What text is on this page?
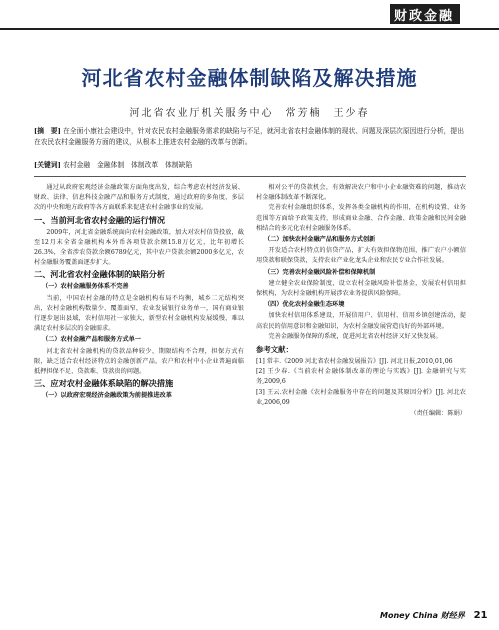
财政金融
河北省农村金融体制缺陷及解决措施
河北省农业厅机关服务中心　常芳楠　王少春
[摘　要] 在全面小康社会建设中，针对农民农村金融服务需求的缺陷与不足，就河北省农村金融体制的现状、问题及深层次原因进行分析，提出在农民农村金融服务方面的建议，从根本上推进农村金融的改革与创新。
[关键词] 农村金融　金融体制　体制改革　体制缺陷

通过从政府宏观经济金融政策方面角度出发，综合考虑农村经济发展、财政、法律、信息科技金融产品和服务方式制度，通过政府的多角度，多层次的中央和地方政府等各方面联系来促进农村金融事业的发展。

一、当前河北省农村金融的运行情况

2009年，河北省金融系统面向农村金融政策，加大对农村信贷投放，截至12月末全省金融机构本外币各项贷款余额15.8万亿元，比年初增长26.3%，全省涉农贷款余额6789亿元，其中农户贷款余额2000多亿元，农村金融服务覆盖面逐步扩大。

二、河北省农村金融体制的缺陷分析
（一）农村金融服务体系不完善

当前，中国农村金融的特点是金融机构布局不均衡，城乡二元结构突出，农村金融机构数量少、覆盖面窄，农业发展银行业务单一，国有商业银行逐步退出县域，农村信用社一家独大，新型农村金融机构发展缓慢，难以满足农村多层次的金融需求。

（二）农村金融产品和服务方式单一

河北省农村金融机构的贷款品种较少，期限结构不合理，担保方式有限，缺乏适合农村经济特点的金融创新产品，农户和农村中小企业普遍面临抵押担保不足、贷款难、贷款贵的问题。

三、应对农村金融体系缺陷的解决措施
（一）以政府宏观经济金融政策为前提推进改革

相对公平的贷款机会，有效解决农户和中小企业融资难的问题，推动农村金融体制改革不断深化。

完善农村金融组织体系，发挥各类金融机构的作用，在机构设置、业务范围等方面给予政策支持，形成商业金融、合作金融、政策金融和民间金融相结合的多元化农村金融服务体系。

（二）加快农村金融产品和服务方式创新

开发适合农村特点的信贷产品，扩大有效担保物范围，推广农户小额信用贷款和联保贷款，支持农业产业化龙头企业和农民专业合作社发展。

（三）完善农村金融风险补偿和保障机制

建立健全农业保险制度，设立农村金融风险补偿基金，发展农村信用担保机构，为农村金融机构开展涉农业务提供风险保障。

（四）优化农村金融生态环境

加快农村信用体系建设，开展信用户、信用村、信用乡镇创建活动，提高农民的信用意识和金融知识，为农村金融发展营造良好的外部环境。

完善金融服务保障的系统，促进河北省农村经济又好又快发展。

参考文献：

[1] 常丰.《2009 河北省农村金融发展报告》[J]. 河北日报,2010,01,06

[2] 王少春.《当前农村金融体制改革的理论与实践》[J]. 金融研究与实务,2009,6

[3] 王云.农村金融《农村金融服务中存在的问题及其原因分析》[J]. 河北农业,2006,09

（责任编辑：陈娟）

Money China 财经界 21
